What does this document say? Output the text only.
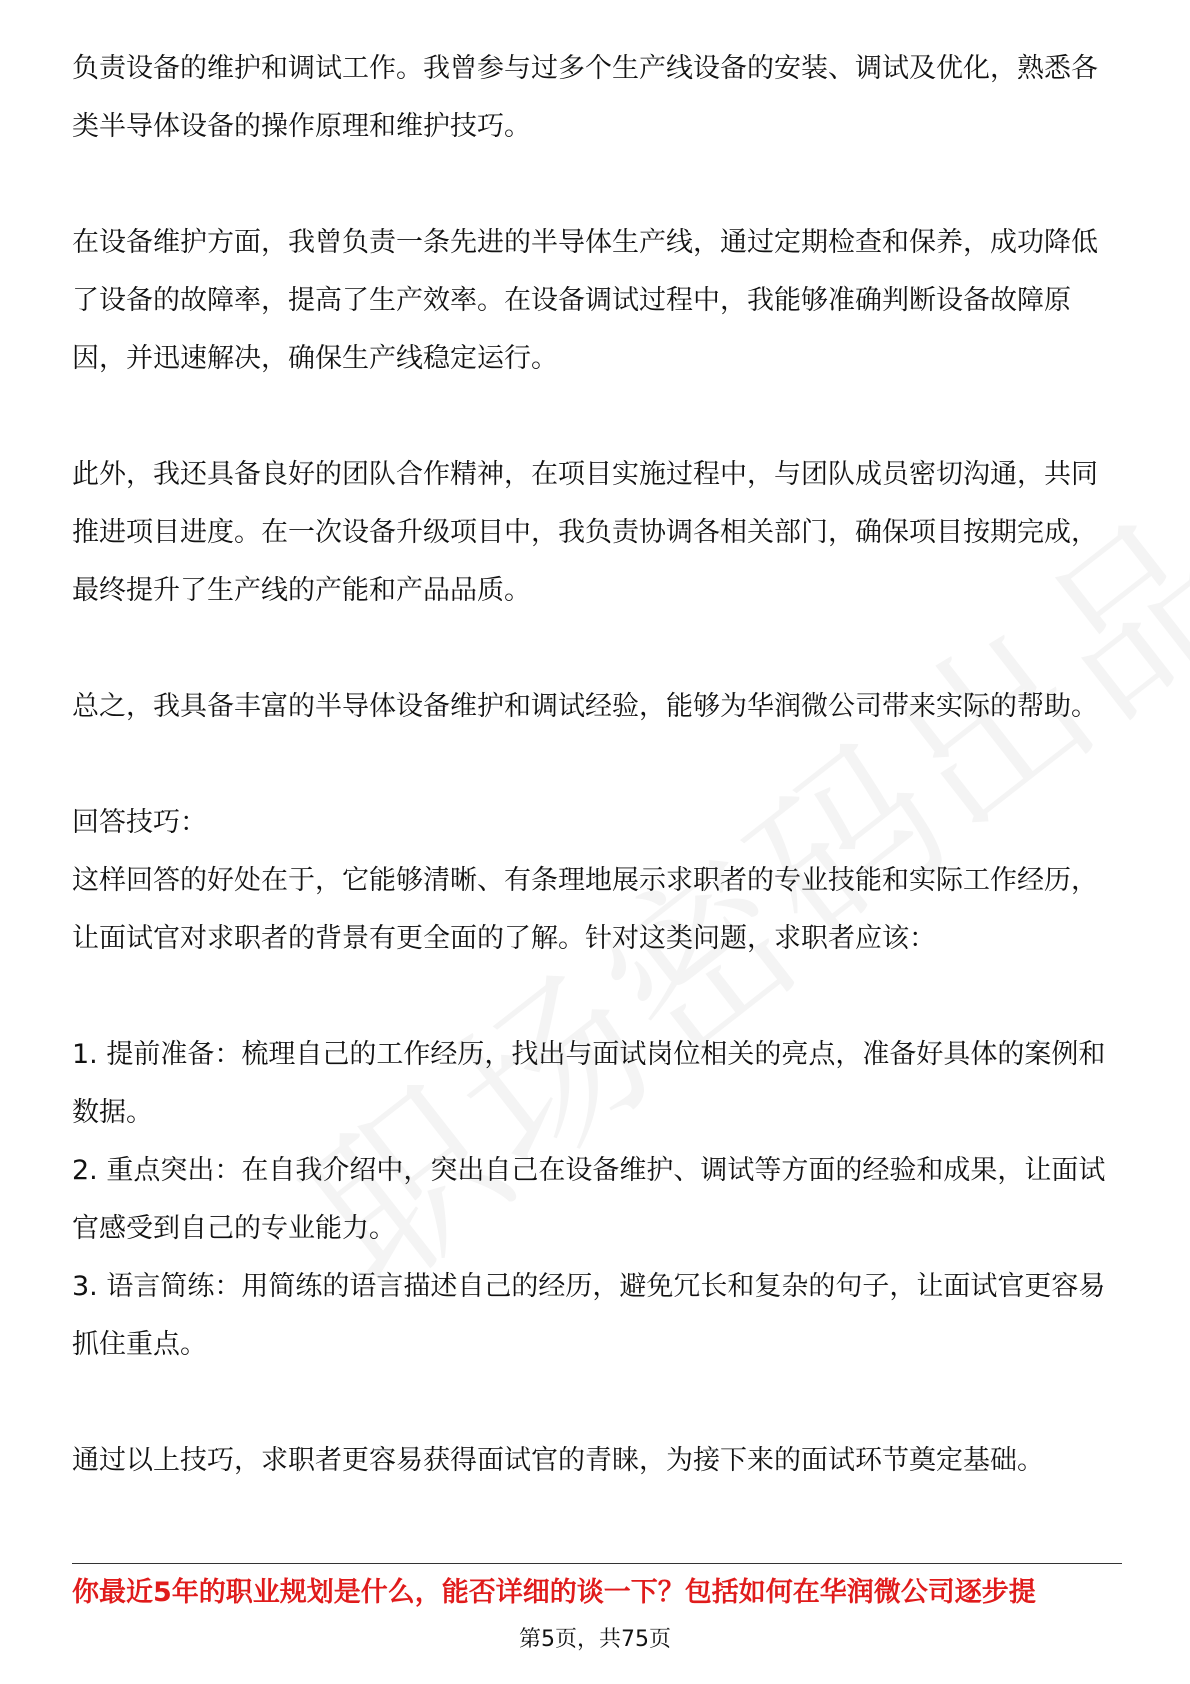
负责设备的维护和调试工作。我曾参与过多个生产线设备的安装、调试及优化，熟悉各类半导体设备的操作原理和维护技巧。

在设备维护方面，我曾负责一条先进的半导体生产线，通过定期检查和保养，成功降低了设备的故障率，提高了生产效率。在设备调试过程中，我能够准确判断设备故障原因，并迅速解决，确保生产线稳定运行。

此外，我还具备良好的团队合作精神，在项目实施过程中，与团队成员密切沟通，共同推进项目进度。在一次设备升级项目中，我负责协调各相关部门，确保项目按期完成，最终提升了生产线的产能和产品品质。

总之，我具备丰富的半导体设备维护和调试经验，能够为华润微公司带来实际的帮助。

回答技巧：

这样回答的好处在于，它能够清晰、有条理地展示求职者的专业技能和实际工作经历，让面试官对求职者的背景有更全面的了解。针对这类问题，求职者应该：

1. 提前准备：梳理自己的工作经历，找出与面试岗位相关的亮点，准备好具体的案例和数据。

2. 重点突出：在自我介绍中，突出自己在设备维护、调试等方面的经验和成果，让面试官感受到自己的专业能力。

3. 语言简练：用简练的语言描述自己的经历，避免冗长和复杂的句子，让面试官更容易抓住重点。

通过以上技巧，求职者更容易获得面试官的青睐，为接下来的面试环节奠定基础。

你最近5年的职业规划是什么，能否详细的谈一下？包括如何在华润微公司逐步提
第5页，共75页
